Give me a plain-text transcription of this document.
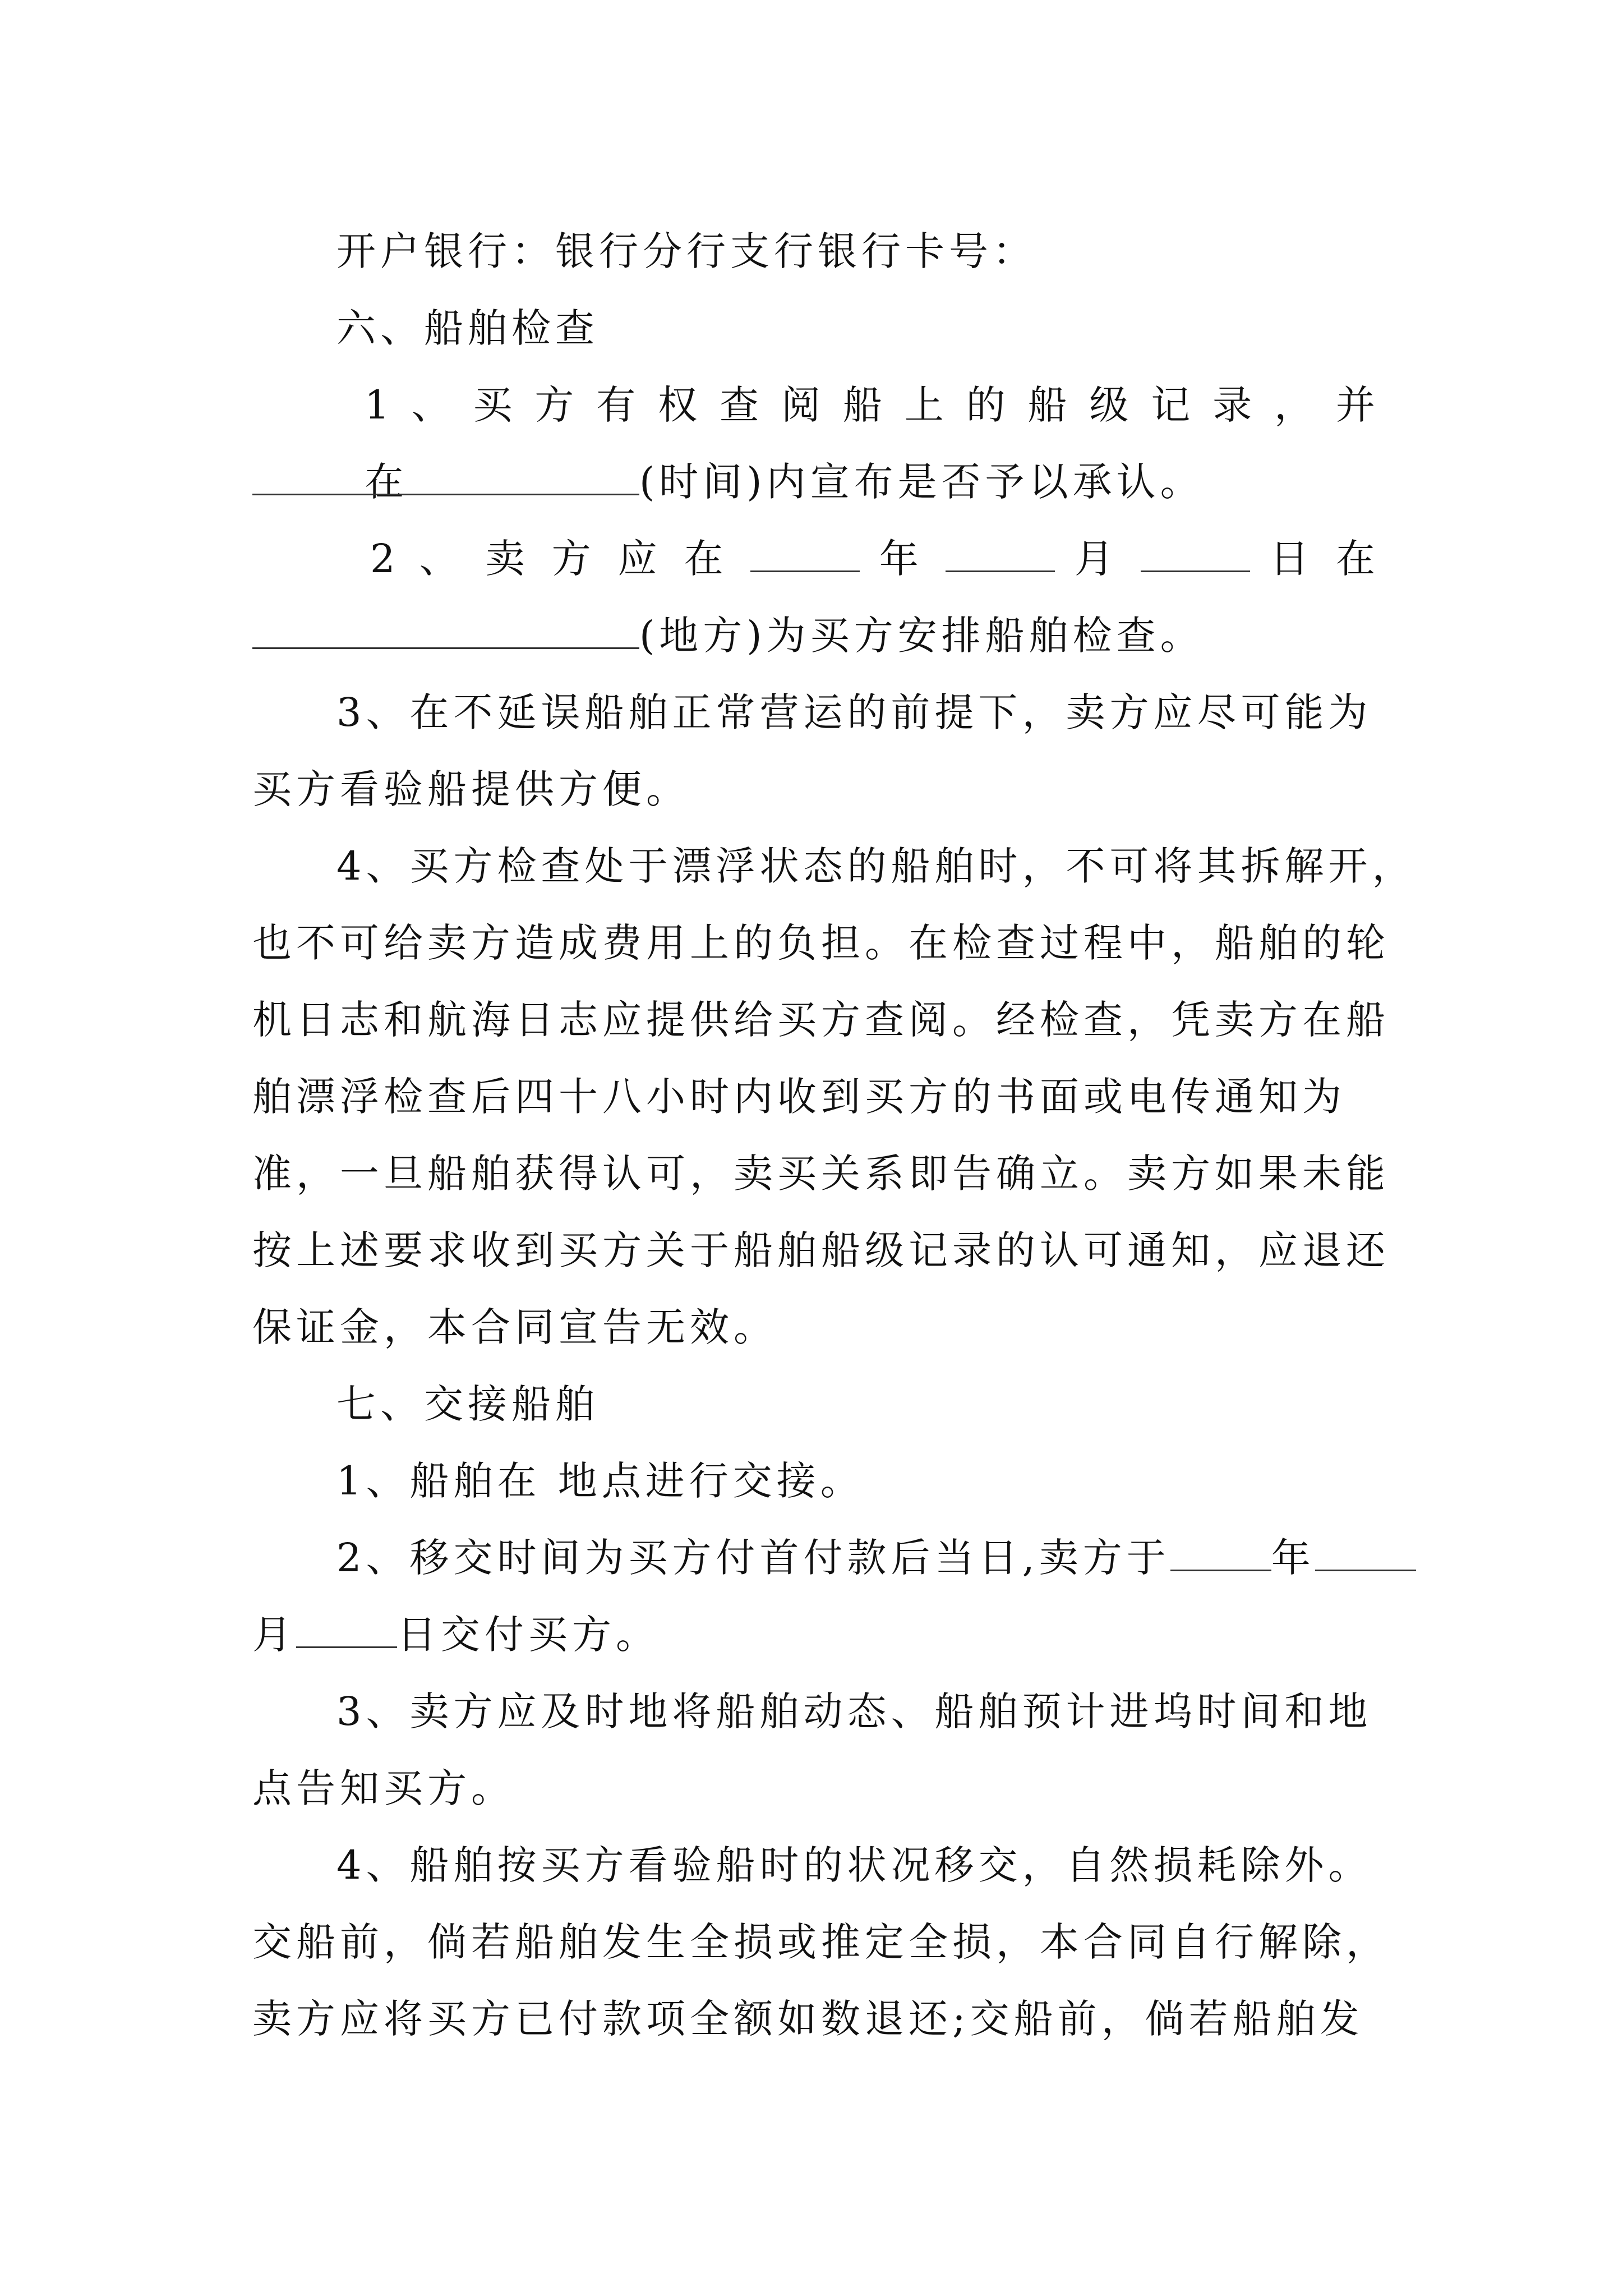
开户银行：银行分行支行银行卡号：
六、船舶检查
1 、 买 方 有 权 查 阅 船 上 的 船 级 记 录 ， 并 在	(时间)内宣布是否予以承认。
2 、 卖 方 应 在	年	月	日 在
(地方)为买方安排船舶检查。
3、在不延误船舶正常营运的前提下，卖方应尽可能为
买方看验船提供方便。
4、买方检查处于漂浮状态的船舶时，不可将其拆解开，
也不可给卖方造成费用上的负担。在检查过程中，船舶的轮
机日志和航海日志应提供给买方查阅。经检查，凭卖方在船
舶漂浮检查后四十八小时内收到买方的书面或电传通知为
准，一旦船舶获得认可，卖买关系即告确立。卖方如果未能
按上述要求收到买方关于船舶船级记录的认可通知，应退还
保证金，本合同宣告无效。
七、交接船舶
1、船舶在 地点进行交接。
2、移交时间为买方付首付款后当日,卖方于	年
月	日交付买方。
3、卖方应及时地将船舶动态、船舶预计进坞时间和地
点告知买方。
4、船舶按买方看验船时的状况移交，自然损耗除外。
交船前，倘若船舶发生全损或推定全损，本合同自行解除，
卖方应将买方已付款项全额如数退还;交船前，倘若船舶发
